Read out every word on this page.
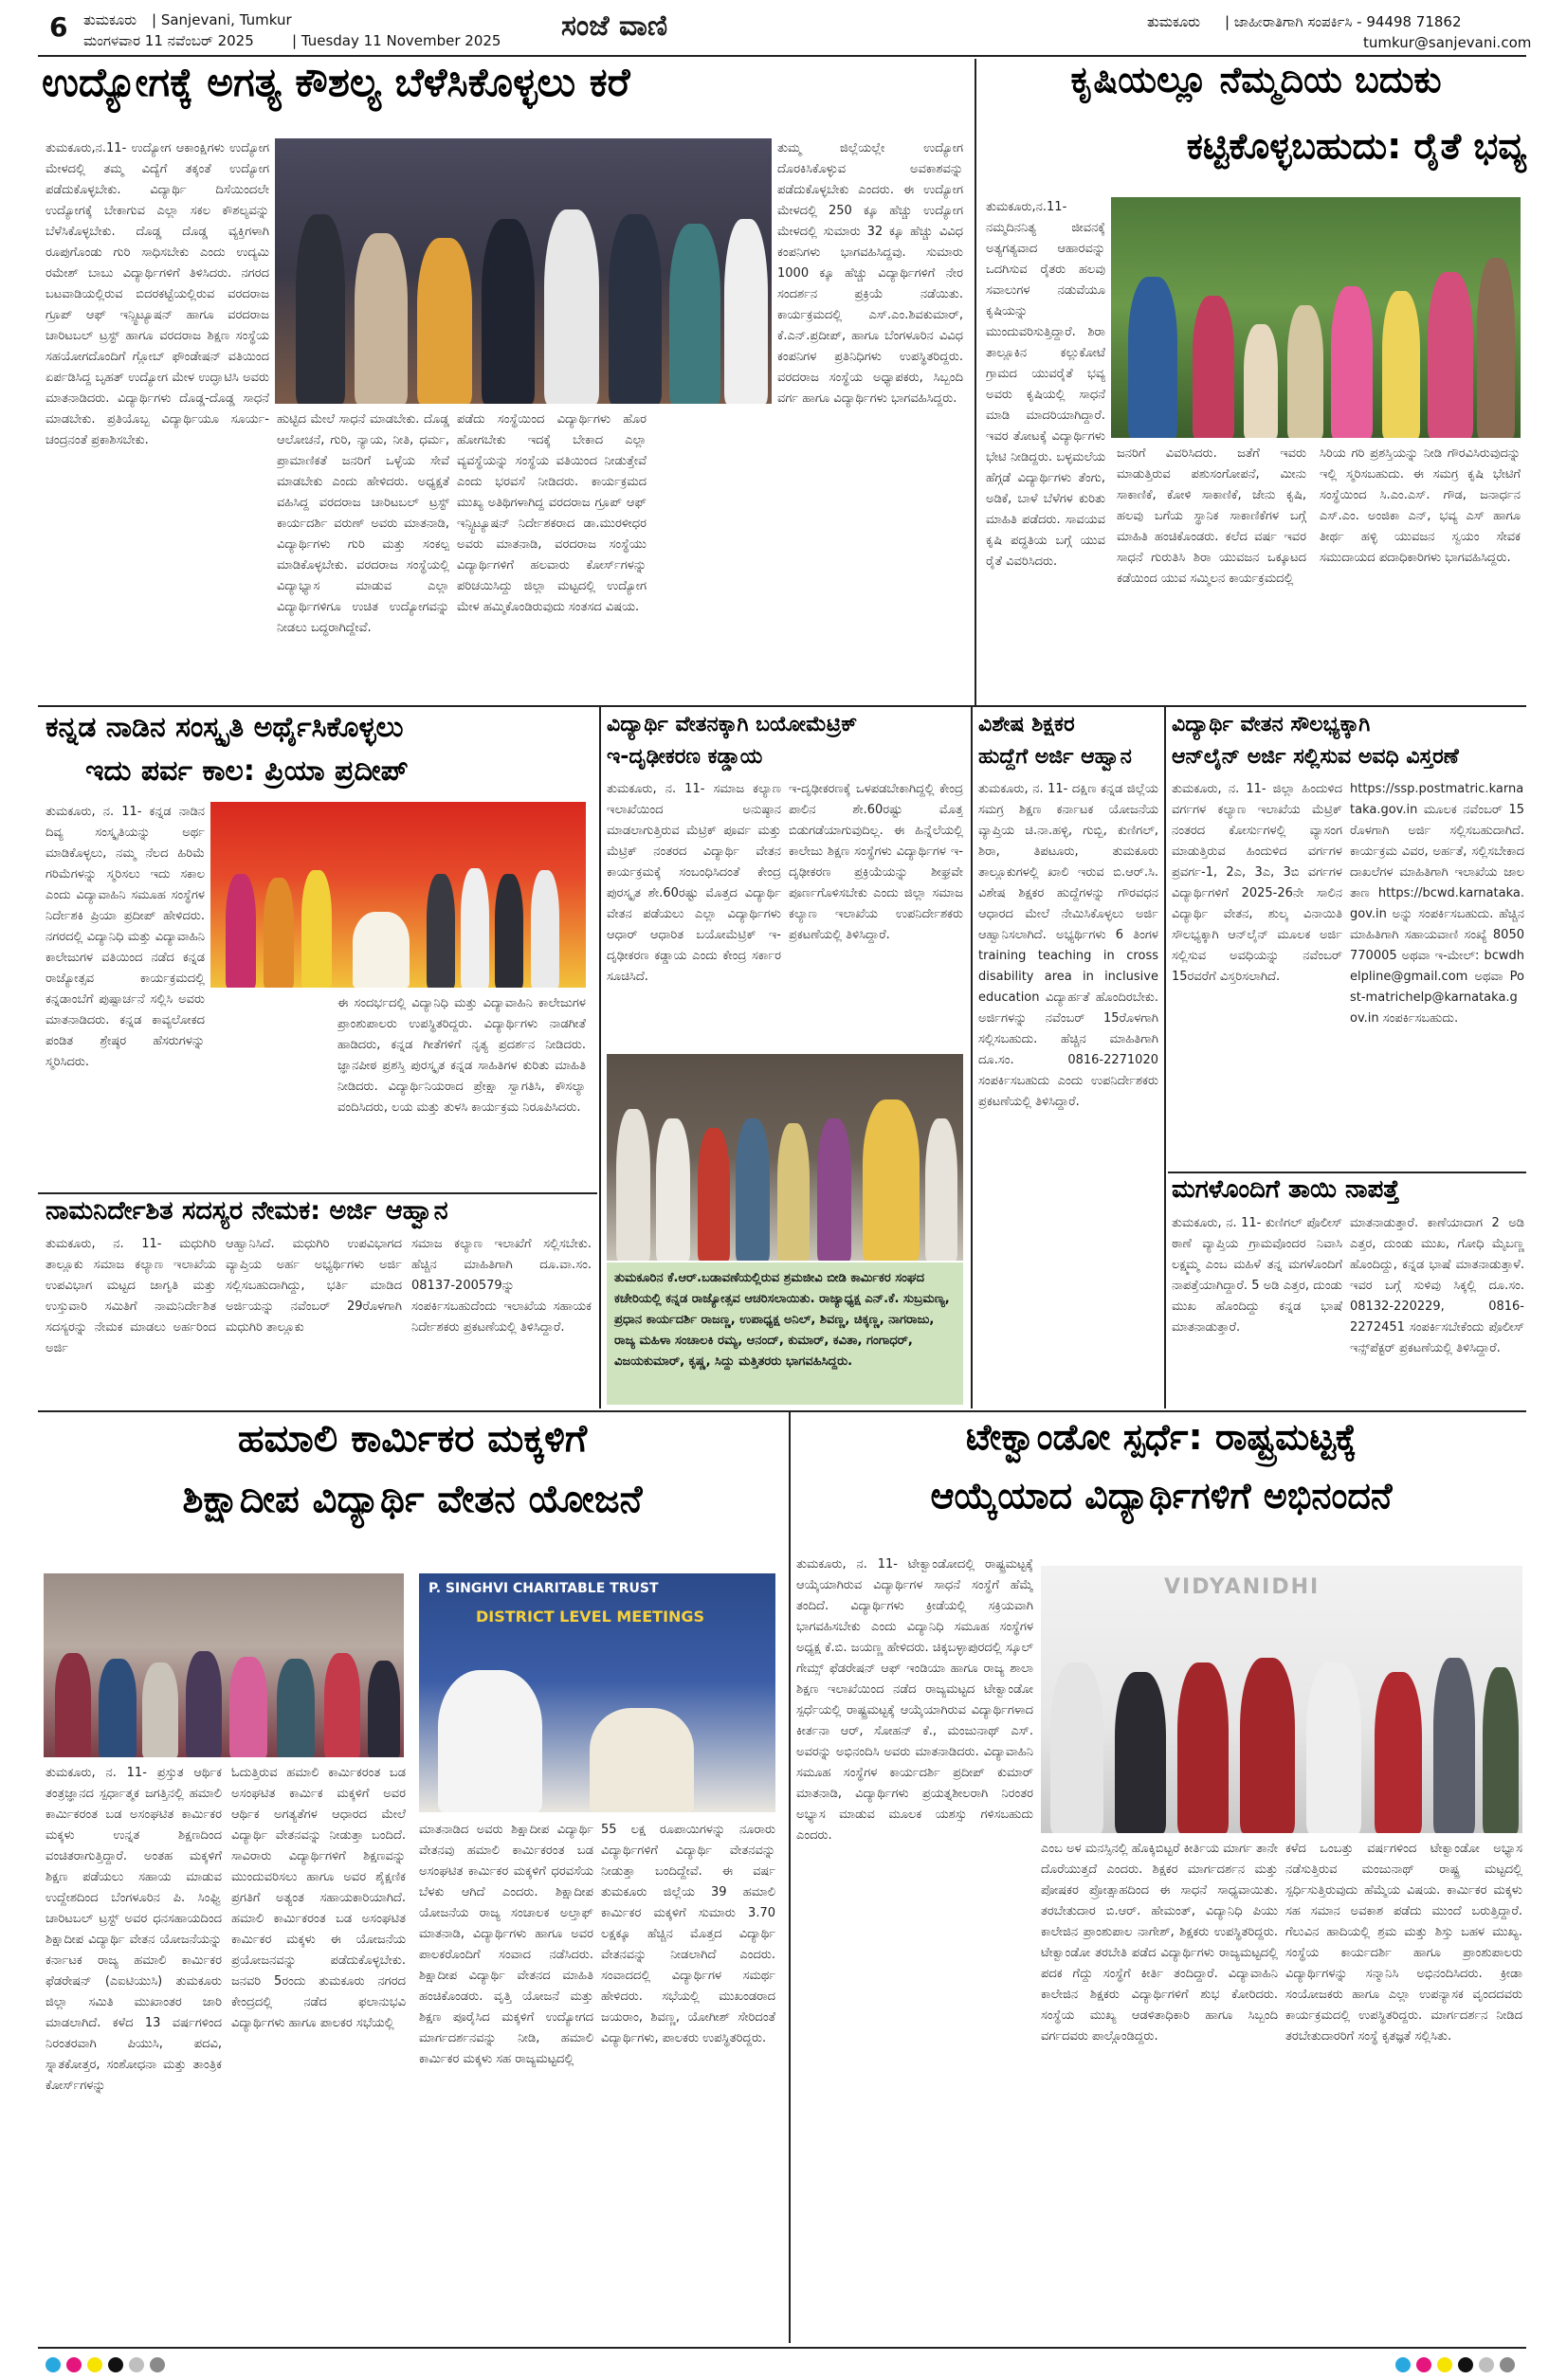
6 ತುಮಕೂರು | Sanjevani, Tumkur
ಮಂಗಳವಾರ 11 ನವೆಂಬರ್ 2025	| Tuesday 11 November 2025 ಸಂಜೆ ವಾಣಿ	ತುಮಕೂರು | ಜಾಹೀರಾತಿಗಾಗಿ ಸಂಪರ್ಕಿಸಿ - 94498 71862
tumkur@sanjevani.com
ಉದ್ಯೋಗಕ್ಕೆ ಅಗತ್ಯ ಕೌಶಲ್ಯ ಬೆಳೆಸಿಕೊಳ್ಳಲು ಕರೆ
ತುಮಕೂರು,ನ.11- ಉದ್ಯೋಗ ಆಕಾಂಕ್ಷಿಗಳು ಉದ್ಯೋಗ ಮೇಳದಲ್ಲಿ ತಮ್ಮ ವಿದ್ಯೆಗೆ ತಕ್ಕಂತೆ ಉದ್ಯೋಗ ಪಡೆದುಕೊಳ್ಳಬೇಕು. ವಿದ್ಯಾರ್ಥಿ ದಿಸೆಯಿಂದಲೇ ಉದ್ಯೋಗಕ್ಕೆ ಬೇಕಾಗುವ ಎಲ್ಲಾ ಸಕಲ ಕೌಶಲ್ಯವನ್ನು ಬೆಳೆಸಿಕೊಳ್ಳಬೇಕು. ದೊಡ್ಡ ದೊಡ್ಡ ವ್ಯಕ್ತಿಗಳಾಗಿ ರೂಪುಗೊಂಡು ಗುರಿ ಸಾಧಿಸಬೇಕು ಎಂದು ಉದ್ಯಮಿ ರಮೇಶ್ ಬಾಬು ವಿದ್ಯಾರ್ಥಿಗಳಿಗೆ ತಿಳಿಸಿದರು. ನಗರದ ಬಟವಾಡಿಯಲ್ಲಿರುವ ಬಿದರಕಟ್ಟೆಯಲ್ಲಿರುವ ವರದರಾಜ ಗ್ರೂಪ್ ಆಫ್ ಇನ್ಸ್ಟಿಟ್ಯೂಷನ್ ಹಾಗೂ ವರದರಾಜ ಚಾರಿಟಬಲ್ ಟ್ರಸ್ಟ್ ಹಾಗೂ ವರದರಾಜ ಶಿಕ್ಷಣ ಸಂಸ್ಥೆಯ ಸಹಯೋಗದೊಂದಿಗೆ ಗ್ಲೋಬ್ ಫೌಂಡೇಷನ್ ವತಿಯಿಂದ ಏರ್ಪಡಿಸಿದ್ದ ಬೃಹತ್ ಉದ್ಯೋಗ ಮೇಳ ಉದ್ಘಾಟಿಸಿ ಅವರು ಮಾತನಾಡಿದರು. ವಿದ್ಯಾರ್ಥಿಗಳು ದೊಡ್ಡ-ದೊಡ್ಡ ಸಾಧನೆ ಮಾಡಬೇಕು. ಪ್ರತಿಯೊಬ್ಬ ವಿದ್ಯಾರ್ಥಿಯೂ ಸೂರ್ಯ-ಚಂದ್ರನಂತೆ ಪ್ರಕಾಶಿಸಬೇಕು.
ಹುಟ್ಟಿದ ಮೇಲೆ ಸಾಧನೆ ಮಾಡಬೇಕು. ದೊಡ್ಡ ಆಲೋಚನೆ, ಗುರಿ, ನ್ಯಾಯ, ನೀತಿ, ಧರ್ಮ, ಪ್ರಾಮಾಣಿಕತೆ ಜನರಿಗೆ ಒಳ್ಳೆಯ ಸೇವೆ ಮಾಡಬೇಕು ಎಂದು ಹೇಳಿದರು. ಅಧ್ಯಕ್ಷತೆ ವಹಿಸಿದ್ದ ವರದರಾಜ ಚಾರಿಟಬಲ್ ಟ್ರಸ್ಟ್ ಕಾರ್ಯದರ್ಶಿ ವರುಣ್ ಅವರು ಮಾತನಾಡಿ, ವಿದ್ಯಾರ್ಥಿಗಳು ಗುರಿ ಮತ್ತು ಸಂಕಲ್ಪ ಮಾಡಿಕೊಳ್ಳಬೇಕು. ವರದರಾಜ ಸಂಸ್ಥೆಯಲ್ಲಿ ವಿದ್ಯಾಭ್ಯಾಸ ಮಾಡುವ ಎಲ್ಲಾ ವಿದ್ಯಾರ್ಥಿಗಳಿಗೂ ಉಚಿತ ಉದ್ಯೋಗವನ್ನು ನೀಡಲು ಬದ್ಧರಾಗಿದ್ದೇವೆ.
ಪಡೆದು ಸಂಸ್ಥೆಯಿಂದ ವಿದ್ಯಾರ್ಥಿಗಳು ಹೊರ ಹೋಗಬೇಕು ಇದಕ್ಕೆ ಬೇಕಾದ ಎಲ್ಲಾ ವ್ಯವಸ್ಥೆಯನ್ನು ಸಂಸ್ಥೆಯ ವತಿಯಿಂದ ನೀಡುತ್ತೇವೆ ಎಂದು ಭರವಸೆ ನೀಡಿದರು. ಕಾರ್ಯಕ್ರಮದ ಮುಖ್ಯ ಅತಿಥಿಗಳಾಗಿದ್ದ ವರದರಾಜ ಗ್ರೂಪ್ ಆಫ್ ಇನ್ಸ್ಟಿಟ್ಯೂಷನ್ ನಿರ್ದೇಶಕರಾದ ಡಾ.ಮುರಳೀಧರ ಅವರು ಮಾತನಾಡಿ, ವರದರಾಜ ಸಂಸ್ಥೆಯು ವಿದ್ಯಾರ್ಥಿಗಳಿಗೆ ಹಲವಾರು ಕೋರ್ಸ್‌ಗಳನ್ನು ಪರಿಚಯಿಸಿದ್ದು ಜಿಲ್ಲಾ ಮಟ್ಟದಲ್ಲಿ ಉದ್ಯೋಗ ಮೇಳ ಹಮ್ಮಿಕೊಂಡಿರುವುದು ಸಂತಸದ ವಿಷಯ.
ತುಮ್ಮ ಜಿಲ್ಲೆಯಲ್ಲೇ ಉದ್ಯೋಗ ದೊರಕಿಸಿಕೊಳ್ಳುವ ಅವಕಾಶವನ್ನು ಪಡೆದುಕೊಳ್ಳಬೇಕು ಎಂದರು. ಈ ಉದ್ಯೋಗ ಮೇಳದಲ್ಲಿ 250 ಕ್ಕೂ ಹೆಚ್ಚು ಉದ್ಯೋಗ ಮೇಳದಲ್ಲಿ ಸುಮಾರು 32 ಕ್ಕೂ ಹೆಚ್ಚು ವಿವಿಧ ಕಂಪನಿಗಳು ಭಾಗವಹಿಸಿದ್ದವು. ಸುಮಾರು 1000 ಕ್ಕೂ ಹೆಚ್ಚು ವಿದ್ಯಾರ್ಥಿಗಳಿಗೆ ನೇರ ಸಂದರ್ಶನ ಪ್ರಕ್ರಿಯೆ ನಡೆಯಿತು. ಕಾರ್ಯಕ್ರಮದಲ್ಲಿ ಎಸ್.ಎಂ.ಶಿವಕುಮಾರ್, ಕೆ.ಎನ್.ಪ್ರದೀಪ್, ಹಾಗೂ ಬೆಂಗಳೂರಿನ ವಿವಿಧ ಕಂಪನಿಗಳ ಪ್ರತಿನಿಧಿಗಳು ಉಪಸ್ಥಿತರಿದ್ದರು. ವರದರಾಜ ಸಂಸ್ಥೆಯ ಅಧ್ಯಾಪಕರು, ಸಿಬ್ಬಂದಿ ವರ್ಗ ಹಾಗೂ ವಿದ್ಯಾರ್ಥಿಗಳು ಭಾಗವಹಿಸಿದ್ದರು.
ಕೃಷಿಯಲ್ಲೂ ನೆಮ್ಮದಿಯ ಬದುಕು
ಕಟ್ಟಿಕೊಳ್ಳಬಹುದು: ರೈತೆ ಭವ್ಯ
ತುಮಕೂರು,ನ.11-ನಮ್ಮದಿನನಿತ್ಯ ಜೀವನಕ್ಕೆ ಅತ್ಯಗತ್ಯವಾದ ಆಹಾರವನ್ನು ಒದಗಿಸುವ ರೈತರು ಹಲವು ಸವಾಲುಗಳ ನಡುವೆಯೂ ಕೃಷಿಯನ್ನು ಮುಂದುವರಿಸುತ್ತಿದ್ದಾರೆ. ಶಿರಾ ತಾಲ್ಲೂಕಿನ ಕಲ್ಲುಕೋಟೆ ಗ್ರಾಮದ ಯುವರೈತೆ ಭವ್ಯ ಅವರು ಕೃಷಿಯಲ್ಲಿ ಸಾಧನೆ ಮಾಡಿ ಮಾದರಿಯಾಗಿದ್ದಾರೆ. ಇವರ ತೋಟಕ್ಕೆ ವಿದ್ಯಾರ್ಥಿಗಳು ಭೇಟಿ ನೀಡಿದ್ದರು. ಬಳ್ಳಮಲೆಯ ಹೆಗ್ಗಡೆ ವಿದ್ಯಾರ್ಥಿಗಳು ತೆಂಗು, ಅಡಿಕೆ, ಬಾಳೆ ಬೆಳೆಗಳ ಕುರಿತು ಮಾಹಿತಿ ಪಡೆದರು. ಸಾವಯವ ಕೃಷಿ ಪದ್ಧತಿಯ ಬಗ್ಗೆ ಯುವ ರೈತೆ ವಿವರಿಸಿದರು.
ಜನರಿಗೆ ವಿವರಿಸಿದರು. ಜತೆಗೆ ಇವರು ಮಾಡುತ್ತಿರುವ ಪಶುಸಂಗೋಪನೆ, ಮೀನು ಸಾಕಾಣಿಕೆ, ಕೋಳಿ ಸಾಕಾಣಿಕೆ, ಜೇನು ಕೃಷಿ, ಹಲವು ಬಗೆಯ ಸ್ಥಾನಿಕ ಸಾಕಾಣಿಕೆಗಳ ಬಗ್ಗೆ ಮಾಹಿತಿ ಹಂಚಿಕೊಂಡರು. ಕಲೆದ ವರ್ಷ ಇವರ ಸಾಧನೆ ಗುರುತಿಸಿ ಶಿರಾ ಯುವಜನ ಒಕ್ಕೂಟದ ಕಡೆಯಿಂದ ಯುವ ಸಮ್ಮಿಲನ ಕಾರ್ಯಕ್ರಮದಲ್ಲಿ
ಸಿರಿಯ ಗರಿ ಪ್ರಶಸ್ತಿಯನ್ನು ನೀಡಿ ಗೌರವಿಸಿರುವುದನ್ನು ಇಲ್ಲಿ ಸ್ಮರಿಸಬಹುದು. ಈ ಸಮಗ್ರ ಕೃಷಿ ಭೇಟಿಗೆ ಸಂಸ್ಥೆಯಿಂದ ಸಿ.ಎಂ.ಎಸ್. ಗೌಡ, ಜನಾರ್ಧನ ಎಸ್.ಎಂ. ಅಂಜಿಕಾ ಎನ್, ಭವ್ಯ ಎಸ್ ಹಾಗೂ ತೀರ್ಥ ಹಳ್ಳಿ ಯುವಜನ ಸ್ವಯಂ ಸೇವಕ ಸಮುದಾಯದ ಪದಾಧಿಕಾರಿಗಳು ಭಾಗವಹಿಸಿದ್ದರು.
ಕನ್ನಡ ನಾಡಿನ ಸಂಸ್ಕೃತಿ ಅರ್ಥೈಸಿಕೊಳ್ಳಲು
ಇದು ಪರ್ವ ಕಾಲ: ಪ್ರಿಯಾ ಪ್ರದೀಪ್
ತುಮಕೂರು, ನ. 11- ಕನ್ನಡ ನಾಡಿನ ದಿವ್ಯ ಸಂಸ್ಕೃತಿಯನ್ನು ಅರ್ಥ ಮಾಡಿಕೊಳ್ಳಲು, ನಮ್ಮ ನೆಲದ ಹಿರಿಮೆ ಗರಿಮೆಗಳನ್ನು ಸ್ಮರಿಸಲು ಇದು ಸಕಾಲ ಎಂದು ವಿದ್ಯಾವಾಹಿನಿ ಸಮೂಹ ಸಂಸ್ಥೆಗಳ ನಿರ್ದೇಶಕಿ ಪ್ರಿಯಾ ಪ್ರದೀಪ್ ಹೇಳಿದರು. ನಗರದಲ್ಲಿ ವಿದ್ಯಾನಿಧಿ ಮತ್ತು ವಿದ್ಯಾವಾಹಿನಿ ಕಾಲೇಜುಗಳ ವತಿಯಿಂದ ನಡೆದ ಕನ್ನಡ ರಾಜ್ಯೋತ್ಸವ ಕಾರ್ಯಕ್ರಮದಲ್ಲಿ ಕನ್ನಡಾಂಬೆಗೆ ಪುಷ್ಪಾರ್ಚನೆ ಸಲ್ಲಿಸಿ ಅವರು ಮಾತನಾಡಿದರು. ಕನ್ನಡ ಕಾವ್ಯಲೋಕದ ಪಂಡಿತ ಶ್ರೇಷ್ಠರ ಹೆಸರುಗಳನ್ನು ಸ್ಮರಿಸಿದರು.
ಈ ಸಂದರ್ಭದಲ್ಲಿ ವಿದ್ಯಾನಿಧಿ ಮತ್ತು ವಿದ್ಯಾವಾಹಿನಿ ಕಾಲೇಜುಗಳ ಪ್ರಾಂಶುಪಾಲರು ಉಪಸ್ಥಿತರಿದ್ದರು. ವಿದ್ಯಾರ್ಥಿಗಳು ನಾಡಗೀತೆ ಹಾಡಿದರು, ಕನ್ನಡ ಗೀತೆಗಳಿಗೆ ನೃತ್ಯ ಪ್ರದರ್ಶನ ನೀಡಿದರು. ಜ್ಞಾನಪೀಠ ಪ್ರಶಸ್ತಿ ಪುರಸ್ಕೃತ ಕನ್ನಡ ಸಾಹಿತಿಗಳ ಕುರಿತು ಮಾಹಿತಿ ನೀಡಿದರು. ವಿದ್ಯಾರ್ಥಿನಿಯರಾದ ಪ್ರೇಕ್ಷಾ ಸ್ವಾಗತಿಸಿ, ಕೌಸಲ್ಯಾ ವಂದಿಸಿದರು, ಲಯ ಮತ್ತು ತುಳಸಿ ಕಾರ್ಯಕ್ರಮ ನಿರೂಪಿಸಿದರು.
ನಾಮನಿರ್ದೇಶಿತ ಸದಸ್ಯರ ನೇಮಕ: ಅರ್ಜಿ ಆಹ್ವಾನ
ತುಮಕೂರು, ನ. 11- ಮಧುಗಿರಿ ತಾಲ್ಲೂಕು ಸಮಾಜ ಕಲ್ಯಾಣ ಇಲಾಖೆಯ ಉಪವಿಭಾಗ ಮಟ್ಟದ ಜಾಗೃತಿ ಮತ್ತು ಉಸ್ತುವಾರಿ ಸಮಿತಿಗೆ ನಾಮನಿರ್ದೇಶಿತ ಸದಸ್ಯರನ್ನು ನೇಮಕ ಮಾಡಲು ಅರ್ಹರಿಂದ ಅರ್ಜಿ
ಆಹ್ವಾನಿಸಿದೆ. ಮಧುಗಿರಿ ಉಪವಿಭಾಗದ ವ್ಯಾಪ್ತಿಯ ಅರ್ಹ ಅಭ್ಯರ್ಥಿಗಳು ಅರ್ಜಿ ಸಲ್ಲಿಸಬಹುದಾಗಿದ್ದು, ಭರ್ತಿ ಮಾಡಿದ ಅರ್ಜಿಯನ್ನು ನವೆಂಬರ್ 29ರೊಳಗಾಗಿ ಮಧುಗಿರಿ ತಾಲ್ಲೂಕು
ಸಮಾಜ ಕಲ್ಯಾಣ ಇಲಾಖೆಗೆ ಸಲ್ಲಿಸಬೇಕು. ಹೆಚ್ಚಿನ ಮಾಹಿತಿಗಾಗಿ ದೂ.ವಾ.ಸಂ. 08137-200579ನ್ನು ಸಂಪರ್ಕಿಸಬಹುದೆಂದು ಇಲಾಖೆಯ ಸಹಾಯಕ ನಿರ್ದೇಶಕರು ಪ್ರಕಟಣೆಯಲ್ಲಿ ತಿಳಿಸಿದ್ದಾರೆ.
ವಿದ್ಯಾರ್ಥಿ ವೇತನಕ್ಕಾಗಿ ಬಯೋಮೆಟ್ರಿಕ್
ಇ-ದೃಢೀಕರಣ ಕಡ್ಡಾಯ
ತುಮಕೂರು, ನ. 11- ಸಮಾಜ ಕಲ್ಯಾಣ ಇಲಾಖೆಯಿಂದ ಅನುಷ್ಠಾನ ಮಾಡಲಾಗುತ್ತಿರುವ ಮೆಟ್ರಿಕ್ ಪೂರ್ವ ಮತ್ತು ಮೆಟ್ರಿಕ್ ನಂತರದ ವಿದ್ಯಾರ್ಥಿ ವೇತನ ಕಾರ್ಯಕ್ರಮಕ್ಕೆ ಸಂಬಂಧಿಸಿದಂತೆ ಕೇಂದ್ರ ಪುರಸ್ಕೃತ ಶೇ.60ರಷ್ಟು ಮೊತ್ತದ ವಿದ್ಯಾರ್ಥಿ ವೇತನ ಪಡೆಯಲು ಎಲ್ಲಾ ವಿದ್ಯಾರ್ಥಿಗಳು ಆಧಾರ್ ಆಧಾರಿತ ಬಯೋಮೆಟ್ರಿಕ್ ಇ-ದೃಢೀಕರಣ ಕಡ್ಡಾಯ ಎಂದು ಕೇಂದ್ರ ಸರ್ಕಾರ ಸೂಚಿಸಿದೆ.
ಇ-ದೃಢೀಕರಣಕ್ಕೆ ಒಳಪಡಬೇಕಾಗಿದ್ದಲ್ಲಿ ಕೇಂದ್ರ ಪಾಲಿನ ಶೇ.60ರಷ್ಟು ಮೊತ್ತ ಬಿಡುಗಡೆಯಾಗುವುದಿಲ್ಲ. ಈ ಹಿನ್ನೆಲೆಯಲ್ಲಿ ಕಾಲೇಜು ಶಿಕ್ಷಣ ಸಂಸ್ಥೆಗಳು ವಿದ್ಯಾರ್ಥಿಗಳ ಇ-ದೃಢೀಕರಣ ಪ್ರಕ್ರಿಯೆಯನ್ನು ಶೀಘ್ರವೇ ಪೂರ್ಣಗೊಳಿಸಬೇಕು ಎಂದು ಜಿಲ್ಲಾ ಸಮಾಜ ಕಲ್ಯಾಣ ಇಲಾಖೆಯ ಉಪನಿರ್ದೇಶಕರು ಪ್ರಕಟಣೆಯಲ್ಲಿ ತಿಳಿಸಿದ್ದಾರೆ.
ತುಮಕೂರಿನ ಕೆ.ಆರ್.ಬಡಾವಣೆಯಲ್ಲಿರುವ ಶ್ರಮಜೀವಿ ಬೀಡಿ ಕಾರ್ಮಿಕರ ಸಂಘದ ಕಚೇರಿಯಲ್ಲಿ ಕನ್ನಡ ರಾಜ್ಯೋತ್ಸವ ಆಚರಿಸಲಾಯಿತು. ರಾಜ್ಯಾಧ್ಯಕ್ಷ ಎನ್.ಕೆ. ಸುಬ್ರಮಣ್ಯ, ಪ್ರಧಾನ ಕಾರ್ಯದರ್ಶಿ ರಾಜಣ್ಣ, ಉಪಾಧ್ಯಕ್ಷ ಅನಿಲ್, ಶಿವಣ್ಣ, ಚಿಕ್ಕಣ್ಣ, ನಾಗರಾಜು, ರಾಜ್ಯ ಮಹಿಳಾ ಸಂಚಾಲಕಿ ರಮ್ಯ, ಆನಂದ್, ಕುಮಾರ್, ಕವಿತಾ, ಗಂಗಾಧರ್, ವಿಜಯಕುಮಾರ್, ಕೃಷ್ಣ, ಸಿದ್ದು ಮತ್ತಿತರರು ಭಾಗವಹಿಸಿದ್ದರು.
ವಿಶೇಷ ಶಿಕ್ಷಕರ
ಹುದ್ದೆಗೆ ಅರ್ಜಿ ಆಹ್ವಾನ
ತುಮಕೂರು, ನ. 11- ದಕ್ಷಿಣ ಕನ್ನಡ ಜಿಲ್ಲೆಯ ಸಮಗ್ರ ಶಿಕ್ಷಣ ಕರ್ನಾಟಕ ಯೋಜನೆಯ ವ್ಯಾಪ್ತಿಯ ಚಿ.ನಾ.ಹಳ್ಳಿ, ಗುಬ್ಬಿ, ಕುಣಿಗಲ್, ಶಿರಾ, ತಿಪಟೂರು, ತುಮಕೂರು ತಾಲ್ಲೂಕುಗಳಲ್ಲಿ ಖಾಲಿ ಇರುವ ಬಿ.ಆರ್.ಸಿ. ವಿಶೇಷ ಶಿಕ್ಷಕರ ಹುದ್ದೆಗಳನ್ನು ಗೌರವಧನ ಆಧಾರದ ಮೇಲೆ ನೇಮಿಸಿಕೊಳ್ಳಲು ಅರ್ಜಿ ಆಹ್ವಾನಿಸಲಾಗಿದೆ. ಅಭ್ಯರ್ಥಿಗಳು 6 ತಿಂಗಳ training teaching in cross disability area in inclusive education ವಿದ್ಯಾರ್ಹತೆ ಹೊಂದಿರಬೇಕು. ಅರ್ಜಿಗಳನ್ನು ನವೆಂಬರ್ 15ರೊಳಗಾಗಿ ಸಲ್ಲಿಸಬಹುದು. ಹೆಚ್ಚಿನ ಮಾಹಿತಿಗಾಗಿ ದೂ.ಸಂ. 0816-2271020 ಸಂಪರ್ಕಿಸಬಹುದು ಎಂದು ಉಪನಿರ್ದೇಶಕರು ಪ್ರಕಟಣೆಯಲ್ಲಿ ತಿಳಿಸಿದ್ದಾರೆ.
ವಿದ್ಯಾರ್ಥಿ ವೇತನ ಸೌಲಭ್ಯಕ್ಕಾಗಿ
ಆನ್‌ಲೈನ್ ಅರ್ಜಿ ಸಲ್ಲಿಸುವ ಅವಧಿ ವಿಸ್ತರಣೆ
ತುಮಕೂರು, ನ. 11- ಜಿಲ್ಲಾ ಹಿಂದುಳಿದ ವರ್ಗಗಳ ಕಲ್ಯಾಣ ಇಲಾಖೆಯ ಮೆಟ್ರಿಕ್ ನಂತರದ ಕೋರ್ಸುಗಳಲ್ಲಿ ವ್ಯಾಸಂಗ ಮಾಡುತ್ತಿರುವ ಹಿಂದುಳಿದ ವರ್ಗಗಳ ಪ್ರವರ್ಗ-1, 2ಎ, 3ಎ, 3ಬಿ ವರ್ಗಗಳ ವಿದ್ಯಾರ್ಥಿಗಳಿಗೆ 2025-26ನೇ ಸಾಲಿನ ವಿದ್ಯಾರ್ಥಿ ವೇತನ, ಶುಲ್ಕ ವಿನಾಯಿತಿ ಸೌಲಭ್ಯಕ್ಕಾಗಿ ಆನ್‌ಲೈನ್ ಮೂಲಕ ಅರ್ಜಿ ಸಲ್ಲಿಸುವ ಅವಧಿಯನ್ನು ನವೆಂಬರ್ 15ರವರೆಗೆ ವಿಸ್ತರಿಸಲಾಗಿದೆ.
https://ssp.postmatric.karnataka.gov.in ಮೂಲಕ ನವೆಂಬರ್ 15ರೊಳಗಾಗಿ ಅರ್ಜಿ ಸಲ್ಲಿಸಬಹುದಾಗಿದೆ. ಕಾರ್ಯಕ್ರಮ ವಿವರ, ಅರ್ಹತೆ, ಸಲ್ಲಿಸಬೇಕಾದ ದಾಖಲೆಗಳ ಮಾಹಿತಿಗಾಗಿ ಇಲಾಖೆಯ ಜಾಲತಾಣ https://bcwd.karnataka.gov.in ಅನ್ನು ಸಂಪರ್ಕಿಸಬಹುದು. ಹೆಚ್ಚಿನ ಮಾಹಿತಿಗಾಗಿ ಸಹಾಯವಾಣಿ ಸಂಖ್ಯೆ 8050770005 ಅಥವಾ ಇ-ಮೇಲ್: bcwdhelpline@gmail.com ಅಥವಾ Post-matrichelp@karnataka.gov.in ಸಂಪರ್ಕಿಸಬಹುದು.
ಮಗಳೊಂದಿಗೆ ತಾಯಿ ನಾಪತ್ತೆ
ತುಮಕೂರು, ನ. 11- ಕುಣಿಗಲ್ ಪೊಲೀಸ್ ಠಾಣೆ ವ್ಯಾಪ್ತಿಯ ಗ್ರಾಮವೊಂದರ ನಿವಾಸಿ ಲಕ್ಷ್ಮಮ್ಮ ಎಂಬ ಮಹಿಳೆ ತನ್ನ ಮಗಳೊಂದಿಗೆ ನಾಪತ್ತೆಯಾಗಿದ್ದಾರೆ. 5 ಅಡಿ ಎತ್ತರ, ದುಂಡು ಮುಖ ಹೊಂದಿದ್ದು ಕನ್ನಡ ಭಾಷೆ ಮಾತನಾಡುತ್ತಾರೆ.
ಮಾತನಾಡುತ್ತಾರೆ. ಕಾಣೆಯಾದಾಗ 2 ಅಡಿ ಎತ್ತರ, ದುಂಡು ಮುಖ, ಗೋಧಿ ಮೈಬಣ್ಣ ಹೊಂದಿದ್ದು, ಕನ್ನಡ ಭಾಷೆ ಮಾತನಾಡುತ್ತಾಳೆ. ಇವರ ಬಗ್ಗೆ ಸುಳಿವು ಸಿಕ್ಕಲ್ಲಿ ದೂ.ಸಂ. 08132-220229, 0816-2272451 ಸಂಪರ್ಕಿಸಬೇಕೆಂದು ಪೊಲೀಸ್ ಇನ್ಸ್‌ಪೆಕ್ಟರ್ ಪ್ರಕಟಣೆಯಲ್ಲಿ ತಿಳಿಸಿದ್ದಾರೆ.
ಹಮಾಲಿ ಕಾರ್ಮಿಕರ ಮಕ್ಕಳಿಗೆ
ಶಿಕ್ಷಾದೀಪ ವಿದ್ಯಾರ್ಥಿ ವೇತನ ಯೋಜನೆ
P. SINGHVI CHARITABLE TRUST
DISTRICT LEVEL MEETINGS
ತುಮಕೂರು, ನ. 11- ಪ್ರಸ್ತುತ ಆರ್ಥಿಕ ತಂತ್ರಜ್ಞಾನದ ಸ್ಪರ್ಧಾತ್ಮಕ ಜಗತ್ತಿನಲ್ಲಿ ಹಮಾಲಿ ಕಾರ್ಮಿಕರಂತ ಬಡ ಅಸಂಘಟಿತ ಕಾರ್ಮಿಕರ ಮಕ್ಕಳು ಉನ್ನತ ಶಿಕ್ಷಣದಿಂದ ವಂಚಿತರಾಗುತ್ತಿದ್ದಾರೆ. ಅಂತಹ ಮಕ್ಕಳಿಗೆ ಶಿಕ್ಷಣ ಪಡೆಯಲು ಸಹಾಯ ಮಾಡುವ ಉದ್ದೇಶದಿಂದ ಬೆಂಗಳೂರಿನ ಪಿ. ಸಿಂಘ್ವಿ ಚಾರಿಟಬಲ್ ಟ್ರಸ್ಟ್ ಅವರ ಧನಸಹಾಯದಿಂದ ಶಿಕ್ಷಾದೀಪ ವಿದ್ಯಾರ್ಥಿ ವೇತನ ಯೋಜನೆಯನ್ನು ಕರ್ನಾಟಕ ರಾಜ್ಯ ಹಮಾಲಿ ಕಾರ್ಮಿಕರ ಫೆಡರೇಷನ್ (ಎಐಟಿಯುಸಿ) ತುಮಕೂರು ಜಿಲ್ಲಾ ಸಮಿತಿ ಮುಖಾಂತರ ಜಾರಿ ಮಾಡಲಾಗಿದೆ. ಕಳೆದ 13 ವರ್ಷಗಳಿಂದ ನಿರಂತರವಾಗಿ ಪಿಯುಸಿ, ಪದವಿ, ಸ್ನಾತಕೋತ್ತರ, ಸಂಶೋಧನಾ ಮತ್ತು ತಾಂತ್ರಿಕ ಕೋರ್ಸ್‌ಗಳನ್ನು
ಓದುತ್ತಿರುವ ಹಮಾಲಿ ಕಾರ್ಮಿಕರಂತ ಬಡ ಅಸಂಘಟಿತ ಕಾರ್ಮಿಕ ಮಕ್ಕಳಿಗೆ ಅವರ ಆರ್ಥಿಕ ಅಗತ್ಯತೆಗಳ ಆಧಾರದ ಮೇಲೆ ವಿದ್ಯಾರ್ಥಿ ವೇತನವನ್ನು ನೀಡುತ್ತಾ ಬಂದಿದೆ. ಸಾವಿರಾರು ವಿದ್ಯಾರ್ಥಿಗಳಿಗೆ ಶಿಕ್ಷಣವನ್ನು ಮುಂದುವರಿಸಲು ಹಾಗೂ ಅವರ ಶೈಕ್ಷಣಿಕ ಪ್ರಗತಿಗೆ ಅತ್ಯಂತ ಸಹಾಯಕಾರಿಯಾಗಿದೆ. ಹಮಾಲಿ ಕಾರ್ಮಿಕರಂತ ಬಡ ಅಸಂಘಟಿತ ಕಾರ್ಮಿಕರ ಮಕ್ಕಳು ಈ ಯೋಜನೆಯ ಪ್ರಯೋಜನವನ್ನು ಪಡೆದುಕೊಳ್ಳಬೇಕು. ಜನವರಿ 5ರಂದು ತುಮಕೂರು ನಗರದ ಕೇಂದ್ರದಲ್ಲಿ ನಡೆದ ಫಲಾನುಭವಿ ವಿದ್ಯಾರ್ಥಿಗಳು ಹಾಗೂ ಪಾಲಕರ ಸಭೆಯಲ್ಲಿ
ಮಾತನಾಡಿದ ಅವರು ಶಿಕ್ಷಾದೀಪ ವಿದ್ಯಾರ್ಥಿ ವೇತನವು ಹಮಾಲಿ ಕಾರ್ಮಿಕರಂತ ಬಡ ಅಸಂಘಟಿತ ಕಾರ್ಮಿಕರ ಮಕ್ಕಳಿಗೆ ಧರವಸೆಯ ಬೆಳಕು ಆಗಿದೆ ಎಂದರು. ಶಿಕ್ಷಾದೀಪ ಯೋಜನೆಯ ರಾಜ್ಯ ಸಂಚಾಲಕ ಅಲ್ತಾಫ್ ಮಾತನಾಡಿ, ವಿದ್ಯಾರ್ಥಿಗಳು ಹಾಗೂ ಅವರ ಪಾಲಕರೊಂದಿಗೆ ಸಂವಾದ ನಡೆಸಿದರು. ಶಿಕ್ಷಾದೀಪ ವಿದ್ಯಾರ್ಥಿ ವೇತನದ ಮಾಹಿತಿ ಹಂಚಿಕೊಂಡರು. ವೃತ್ತಿ ಯೋಜನೆ ಮತ್ತು ಶಿಕ್ಷಣ ಪೂರೈಸಿದ ಮಕ್ಕಳಿಗೆ ಉದ್ಯೋಗದ ಮಾರ್ಗದರ್ಶನವನ್ನು ನೀಡಿ, ಹಮಾಲಿ ಕಾರ್ಮಿಕರ ಮಕ್ಕಳು ಸಹ ರಾಜ್ಯಮಟ್ಟದಲ್ಲಿ
55 ಲಕ್ಷ ರೂಪಾಯಿಗಳನ್ನು ನೂರಾರು ವಿದ್ಯಾರ್ಥಿಗಳಿಗೆ ವಿದ್ಯಾರ್ಥಿ ವೇತನವನ್ನು ನೀಡುತ್ತಾ ಬಂದಿದ್ದೇವೆ. ಈ ವರ್ಷ ತುಮಕೂರು ಜಿಲ್ಲೆಯ 39 ಹಮಾಲಿ ಕಾರ್ಮಿಕರ ಮಕ್ಕಳಿಗೆ ಸುಮಾರು 3.70 ಲಕ್ಷಕ್ಕೂ ಹೆಚ್ಚಿನ ಮೊತ್ತದ ವಿದ್ಯಾರ್ಥಿ ವೇತನವನ್ನು ನೀಡಲಾಗಿದೆ ಎಂದರು. ಸಂವಾದದಲ್ಲಿ ವಿದ್ಯಾರ್ಥಿಗಳ ಸಮರ್ಥ ಹೇಳಿದರು. ಸಭೆಯಲ್ಲಿ ಮುಖಂಡರಾದ ಜಯರಾಂ, ಶಿವಣ್ಣ, ಯೋಗೀಶ್ ಸೇರಿದಂತೆ ವಿದ್ಯಾರ್ಥಿಗಳು, ಪಾಲಕರು ಉಪಸ್ಥಿತರಿದ್ದರು.
ಟೇಕ್ವಾಂಡೋ ಸ್ಪರ್ಧೆ: ರಾಷ್ಟ್ರಮಟ್ಟಕ್ಕೆ
ಆಯ್ಕೆಯಾದ ವಿದ್ಯಾರ್ಥಿಗಳಿಗೆ ಅಭಿನಂದನೆ
ತುಮಕೂರು, ನ. 11- ಟೇಕ್ವಾಂಡೋದಲ್ಲಿ ರಾಷ್ಟ್ರಮಟ್ಟಕ್ಕೆ ಆಯ್ಕೆಯಾಗಿರುವ ವಿದ್ಯಾರ್ಥಿಗಳ ಸಾಧನೆ ಸಂಸ್ಥೆಗೆ ಹೆಮ್ಮೆ ತಂದಿದೆ. ವಿದ್ಯಾರ್ಥಿಗಳು ಕ್ರೀಡೆಯಲ್ಲಿ ಸಕ್ರಿಯವಾಗಿ ಭಾಗವಹಿಸಬೇಕು ಎಂದು ವಿದ್ಯಾನಿಧಿ ಸಮೂಹ ಸಂಸ್ಥೆಗಳ ಅಧ್ಯಕ್ಷ ಕೆ.ಬಿ. ಜಯಣ್ಣ ಹೇಳಿದರು. ಚಿಕ್ಕಬಳ್ಳಾಪುರದಲ್ಲಿ ಸ್ಕೂಲ್ ಗೇಮ್ಸ್ ಫೆಡರೇಷನ್ ಆಫ್ ಇಂಡಿಯಾ ಹಾಗೂ ರಾಜ್ಯ ಶಾಲಾ ಶಿಕ್ಷಣ ಇಲಾಖೆಯಿಂದ ನಡೆದ ರಾಜ್ಯಮಟ್ಟದ ಟೇಕ್ವಾಂಡೋ ಸ್ಪರ್ಧೆಯಲ್ಲಿ ರಾಷ್ಟ್ರಮಟ್ಟಕ್ಕೆ ಆಯ್ಕೆಯಾಗಿರುವ ವಿದ್ಯಾರ್ಥಿಗಳಾದ ಕೀರ್ತನಾ ಆರ್, ಸೋಹನ್ ಕೆ., ಮಂಜುನಾಥ್ ಎಸ್. ಅವರನ್ನು ಅಭಿನಂದಿಸಿ ಅವರು ಮಾತನಾಡಿದರು. ವಿದ್ಯಾವಾಹಿನಿ ಸಮೂಹ ಸಂಸ್ಥೆಗಳ ಕಾರ್ಯದರ್ಶಿ ಪ್ರದೀಪ್ ಕುಮಾರ್ ಮಾತನಾಡಿ, ವಿದ್ಯಾರ್ಥಿಗಳು ಪ್ರಯತ್ನಶೀಲರಾಗಿ ನಿರಂತರ ಅಭ್ಯಾಸ ಮಾಡುವ ಮೂಲಕ ಯಶಸ್ಸು ಗಳಿಸಬಹುದು ಎಂದರು.
VIDYANIDHI
ಎಂಬ ಅಳ ಮನಸ್ಸಿನಲ್ಲಿ ಹೊಕ್ಕಿಬಿಟ್ಟರೆ ಕೀರ್ತಿಯ ಮಾರ್ಗ ತಾನೇ ದೊರೆಯುತ್ತದೆ ಎಂದರು. ಶಿಕ್ಷಕರ ಮಾರ್ಗದರ್ಶನ ಮತ್ತು ಪೋಷಕರ ಪ್ರೋತ್ಸಾಹದಿಂದ ಈ ಸಾಧನೆ ಸಾಧ್ಯವಾಯಿತು. ತರಬೇತುದಾರ ಬಿ.ಆರ್. ಹೇಮಂತ್, ವಿದ್ಯಾನಿಧಿ ಪಿಯು ಕಾಲೇಜಿನ ಪ್ರಾಂಶುಪಾಲ ನಾಗೇಶ್, ಶಿಕ್ಷಕರು ಉಪಸ್ಥಿತರಿದ್ದರು. ಟೇಕ್ವಾಂಡೋ ತರಬೇತಿ ಪಡೆದ ವಿದ್ಯಾರ್ಥಿಗಳು ರಾಜ್ಯಮಟ್ಟದಲ್ಲಿ ಪದಕ ಗೆದ್ದು ಸಂಸ್ಥೆಗೆ ಕೀರ್ತಿ ತಂದಿದ್ದಾರೆ. ವಿದ್ಯಾವಾಹಿನಿ ಕಾಲೇಜಿನ ಶಿಕ್ಷಕರು ವಿದ್ಯಾರ್ಥಿಗಳಿಗೆ ಶುಭ ಕೋರಿದರು. ಸಂಸ್ಥೆಯ ಮುಖ್ಯ ಆಡಳಿತಾಧಿಕಾರಿ ಹಾಗೂ ಸಿಬ್ಬಂದಿ ವರ್ಗದವರು ಪಾಲ್ಗೊಂಡಿದ್ದರು.
ಕಳೆದ ಒಂಬತ್ತು ವರ್ಷಗಳಿಂದ ಟೇಕ್ವಾಂಡೋ ಅಭ್ಯಾಸ ನಡೆಸುತ್ತಿರುವ ಮಂಜುನಾಥ್ ರಾಷ್ಟ್ರ ಮಟ್ಟದಲ್ಲಿ ಸ್ಪರ್ಧಿಸುತ್ತಿರುವುದು ಹೆಮ್ಮೆಯ ವಿಷಯ. ಕಾರ್ಮಿಕರ ಮಕ್ಕಳು ಸಹ ಸಮಾನ ಅವಕಾಶ ಪಡೆದು ಮುಂದೆ ಬರುತ್ತಿದ್ದಾರೆ. ಗೆಲುವಿನ ಹಾದಿಯಲ್ಲಿ ಶ್ರಮ ಮತ್ತು ಶಿಸ್ತು ಬಹಳ ಮುಖ್ಯ. ಸಂಸ್ಥೆಯ ಕಾರ್ಯದರ್ಶಿ ಹಾಗೂ ಪ್ರಾಂಶುಪಾಲರು ವಿದ್ಯಾರ್ಥಿಗಳನ್ನು ಸನ್ಮಾನಿಸಿ ಅಭಿನಂದಿಸಿದರು. ಕ್ರೀಡಾ ಸಂಯೋಜಕರು ಹಾಗೂ ಎಲ್ಲಾ ಉಪನ್ಯಾಸಕ ವೃಂದದವರು ಕಾರ್ಯಕ್ರಮದಲ್ಲಿ ಉಪಸ್ಥಿತರಿದ್ದರು. ಮಾರ್ಗದರ್ಶನ ನೀಡಿದ ತರಬೇತುದಾರರಿಗೆ ಸಂಸ್ಥೆ ಕೃತಜ್ಞತೆ ಸಲ್ಲಿಸಿತು.
